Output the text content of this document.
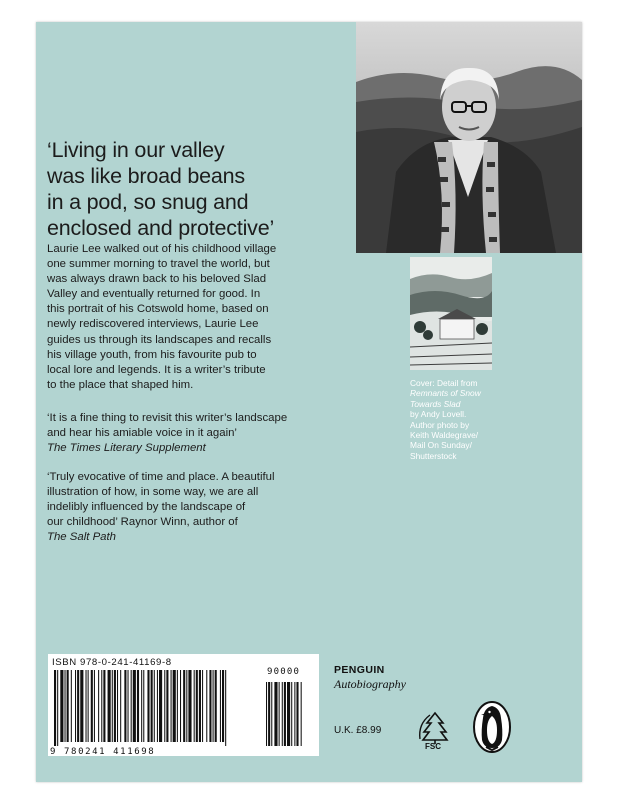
‘Living in our valley
was like broad beans
in a pod, so snug and
enclosed and protective’
Laurie Lee walked out of his childhood village
one summer morning to travel the world, but
was always drawn back to his beloved Slad
Valley and eventually returned for good. In
this portrait of his Cotswold home, based on
newly rediscovered interviews, Laurie Lee
guides us through its landscapes and recalls
his village youth, from his favourite pub to
local lore and legends. It is a writer’s tribute
to the place that shaped him.
‘It is a fine thing to revisit this writer’s landscape
and hear his amiable voice in it again’
The Times Literary Supplement
‘Truly evocative of time and place. A beautiful
illustration of how, in some way, we are all
indelibly influenced by the landscape of
our childhood’ Raynor Winn, author of
The Salt Path
Cover: Detail from
Remnants of Snow
Towards Slad
by Andy Lovell.
Author photo by
Keith Waldegrave/
Mail On Sunday/
Shutterstock
ISBN 978-0-241-41169-8
9 780241 411698
90000	PENGUIN
Autobiography
U.K. £8.99
FSC
